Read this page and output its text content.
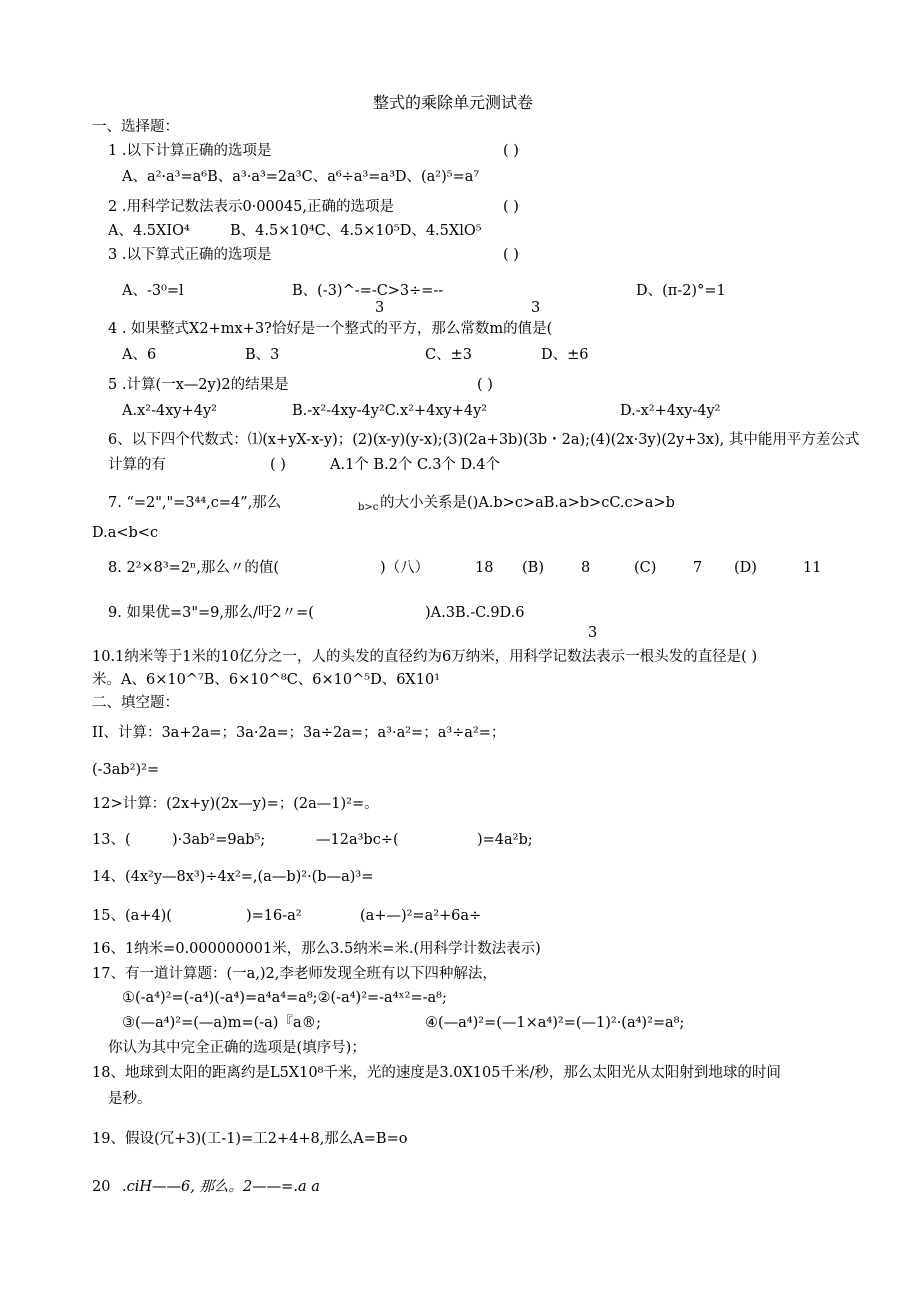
整式的乘除单元测试卷
一、选择题：
1 .以下计算正确的选项是	( )
A、a²·a³=a⁶B、a³·a³=2a³C、a⁶÷a³=a³D、(a²)⁵=a⁷
2 .用科学记数法表示0·00045,正确的选项是	( )
A、4.5XIO⁴	B、4.5×10⁴C、4.5×10⁵D、4.5XlO⁵
3 .以下算式正确的选项是	( )
A、-3⁰=l	B、(-3)^-=-C>3÷=--
3	3
D、(π-2)°=1
4 . 如果整式X2+mx+3?恰好是一个整式的平方，那么常数m的值是(
A、6	B、3	C、±3	D、±6
5 .计算(一x—2y)2的结果是	( )
A.x²-4xy+4y²	B.-x²-4xy-4y²C.x²+4xy+4y²	D.-x²+4xy-4y²
6、以下四个代数式：⑴(x+yX-x-y)；(2)(x-y)(y-x);(3)(2a+3b)(3b・2a);(4)(2x·3y)(2y+3x), 其中能用平方差公式
计算的有	( )	A.1个 B.2个 C.3个 D.4个
7. “=2","=3⁴⁴,c=4”,那么	b>c 的大小关系是()A.b>c>aB.a>b>cC.c>a>b
D.a<b<c
8. 2²×8³=2ⁿ,那么〃的值(	)（八）	18 (B)	8	(C)	7 (D)	11
9. 如果优=3"=9,那么/吁2〃=(	)A.3B.-C.9D.6
3
10.1纳米等于1米的10亿分之一，人的头发的直径约为6万纳米，用科学记数法表示一根头发的直径是( )
米。A、6×10^⁷B、6×10^⁸C、6×10^⁵D、6X10¹
二、填空题：
II、计算：3a+2a=；3a·2a=；3a÷2a=；a³·a²=；a³÷a²=；
(-3ab²)²=
12>计算：(2x+y)(2x—y)=；(2a—1)²=。
13、(	)·3ab²=9ab⁵;	—12a³bc÷(	)=4a²b;
14、(4x²y—8x³)÷4x²=,(a—b)²·(b—a)³=
15、(a+4)(	)=16-a²	(a+—)²=a²+6a÷
16、1纳米=0.000000001米，那么3.5纳米=米.(用科学计数法表示)
17、有一道计算题：(一a,)2,李老师发现全班有以下四种解法，
①(-a⁴)²=(-a⁴)(-a⁴)=a⁴a⁴=a⁸;②(-a⁴)²=-a⁴ˣ²=-a⁸;
③(—a⁴)²=(—a)m=(-a)『a®;	④(—a⁴)²=(—1×a⁴)²=(—1)²·(a⁴)²=a⁸;
你认为其中完全正确的选项是(填序号)；
18、地球到太阳的距离约是L5X10⁸千米，光的速度是3.0X105千米/秒，那么太阳光从太阳射到地球的时间
是秒。
19、假设(冗+3)(工-1)=工2+4+8,那么A=B=o
20 .ciH——6, 那么。2——=.a a
